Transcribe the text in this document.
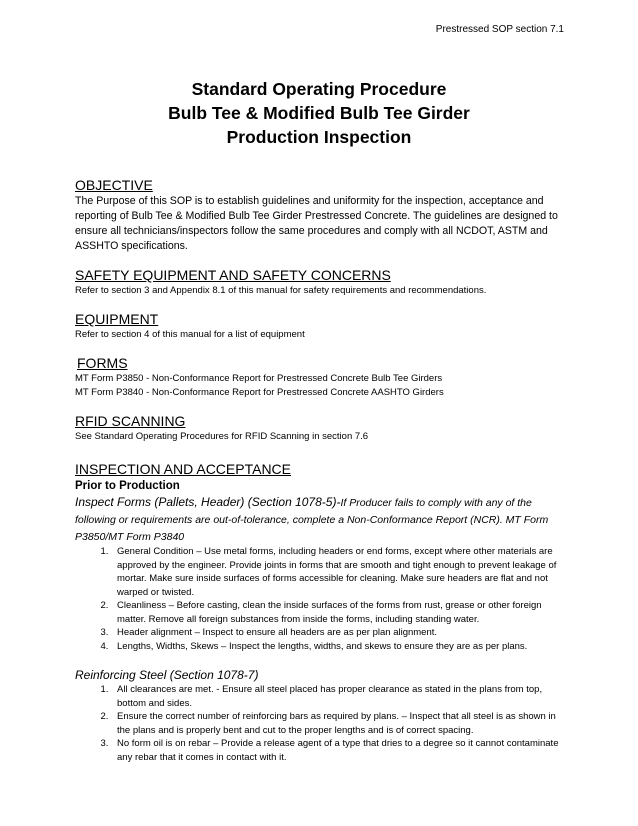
Prestressed SOP section 7.1
Standard Operating Procedure
Bulb Tee & Modified Bulb Tee Girder
Production Inspection

OBJECTIVE

The Purpose of this SOP is to establish guidelines and uniformity for the inspection, acceptance and reporting of Bulb Tee & Modified Bulb Tee Girder Prestressed Concrete. The guidelines are designed to ensure all technicians/inspectors follow the same procedures and comply with all NCDOT, ASTM and ASSHTO specifications.

SAFETY EQUIPMENT AND SAFETY CONCERNS

Refer to section 3 and Appendix 8.1 of this manual for safety requirements and recommendations.

EQUIPMENT

Refer to section 4 of this manual for a list of equipment

FORMS

MT Form P3850 - Non-Conformance Report for Prestressed Concrete Bulb Tee Girders

MT Form P3840 - Non-Conformance Report for Prestressed Concrete AASHTO Girders

RFID SCANNING

See Standard Operating Procedures for RFID Scanning in section 7.6

INSPECTION AND ACCEPTANCE

Prior to Production

Inspect Forms (Pallets, Header) (Section 1078-5)-If Producer fails to comply with any of the following or requirements are out-of-tolerance, complete a Non-Conformance Report (NCR). MT Form P3850/MT Form P3840

1. General Condition – Use metal forms, including headers or end forms, except where other materials are approved by the engineer. Provide joints in forms that are smooth and tight enough to prevent leakage of mortar. Make sure inside surfaces of forms accessible for cleaning. Make sure headers are flat and not warped or twisted.
2. Cleanliness – Before casting, clean the inside surfaces of the forms from rust, grease or other foreign matter. Remove all foreign substances from inside the forms, including standing water.
3. Header alignment – Inspect to ensure all headers are as per plan alignment.
4. Lengths, Widths, Skews – Inspect the lengths, widths, and skews to ensure they are as per plans.

Reinforcing Steel (Section 1078-7)

1. All clearances are met. - Ensure all steel placed has proper clearance as stated in the plans from top, bottom and sides.
2. Ensure the correct number of reinforcing bars as required by plans. – Inspect that all steel is as shown in the plans and is properly bent and cut to the proper lengths and is of correct spacing.
3. No form oil is on rebar – Provide a release agent of a type that dries to a degree so it cannot contaminate any rebar that it comes in contact with it.
